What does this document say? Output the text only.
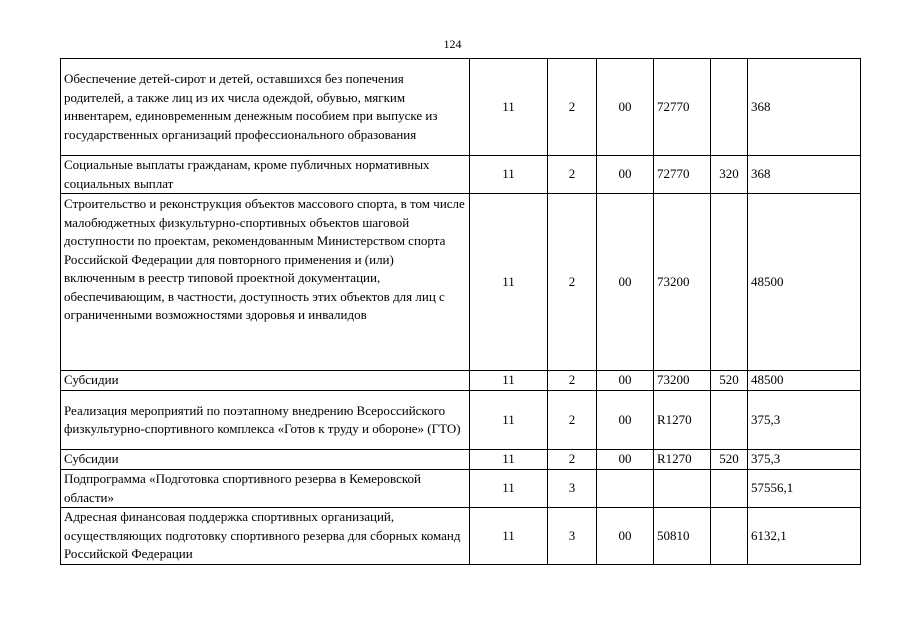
124
Обеспечение детей-сирот и детей, оставшихся без попечения родителей, а также лиц из их числа одеждой, обувью, мягким инвентарем, единовременным денежным пособием при выпуске из государственных организаций профессионального образования	11	2	00	72770		368
Социальные выплаты гражданам, кроме публичных нормативных социальных выплат	11	2	00	72770	320	368
Строительство и реконструкция объектов массового спорта, в том числе малобюджетных физкультурно-спортивных объектов шаговой доступности по проектам, рекомендованным Министерством спорта Российской Федерации для повторного применения и (или) включенным в реестр типовой проектной документации, обеспечивающим, в частности, доступность этих объектов для лиц с ограниченными возможностями здоровья и инвалидов	11	2	00	73200		48500
Субсидии	11	2	00	73200	520	48500
Реализация мероприятий по поэтапному внедрению Всероссийского физкультурно-спортивного комплекса «Готов к труду и обороне» (ГТО)	11	2	00	R1270		375,3
Субсидии	11	2	00	R1270	520	375,3
Подпрограмма «Подготовка спортивного резерва в Кемеровской области»	11	3				57556,1
Адресная финансовая поддержка спортивных организаций, осуществляющих подготовку спортивного резерва для сборных команд Российской Федерации	11	3	00	50810		6132,1
